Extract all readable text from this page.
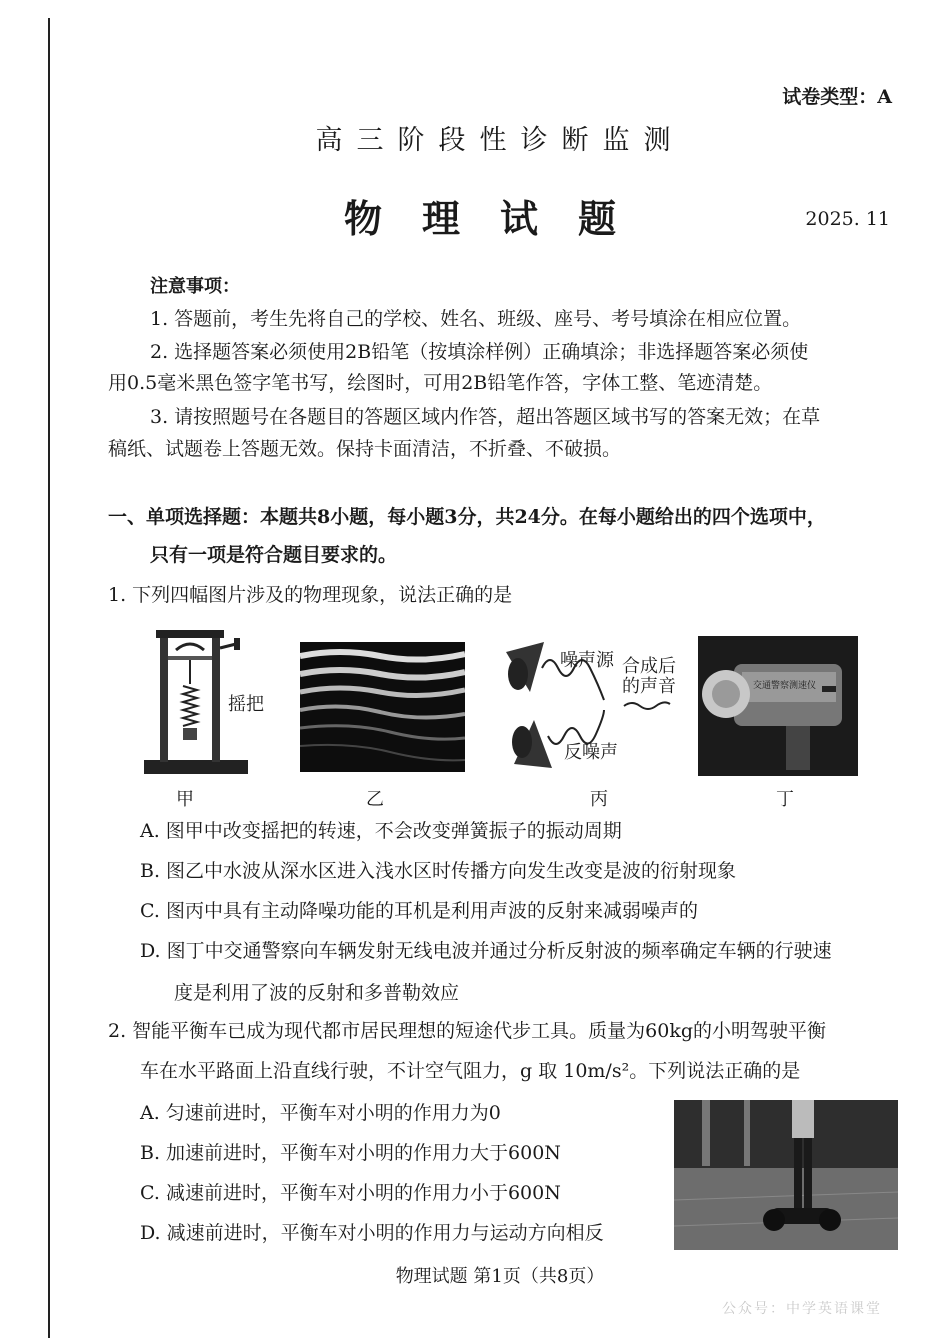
试卷类型：A
高三阶段性诊断监测
物理试题	2025. 11
注意事项：
1. 答题前，考生先将自己的学校、姓名、班级、座号、考号填涂在相应位置。
2. 选择题答案必须使用2B铅笔（按填涂样例）正确填涂；非选择题答案必须使
用0.5毫米黑色签字笔书写，绘图时，可用2B铅笔作答，字体工整、笔迹清楚。
3. 请按照题号在各题目的答题区域内作答，超出答题区域书写的答案无效；在草
稿纸、试题卷上答题无效。保持卡面清洁，不折叠、不破损。
一、单项选择题：本题共8小题，每小题3分，共24分。在每小题给出的四个选项中，
只有一项是符合题目要求的。
1. 下列四幅图片涉及的物理现象，说法正确的是
摇把
甲	乙
噪声源 合成后
的声音
反噪声
丙
交通警察测速仪
丁
A. 图甲中改变摇把的转速，不会改变弹簧振子的振动周期
B. 图乙中水波从深水区进入浅水区时传播方向发生改变是波的衍射现象
C. 图丙中具有主动降噪功能的耳机是利用声波的反射来减弱噪声的
D. 图丁中交通警察向车辆发射无线电波并通过分析反射波的频率确定车辆的行驶速
度是利用了波的反射和多普勒效应
2. 智能平衡车已成为现代都市居民理想的短途代步工具。质量为60kg的小明驾驶平衡
车在水平路面上沿直线行驶，不计空气阻力，g 取 10m/s²。下列说法正确的是
A. 匀速前进时，平衡车对小明的作用力为0
B. 加速前进时，平衡车对小明的作用力大于600N
C. 减速前进时，平衡车对小明的作用力小于600N
D. 减速前进时，平衡车对小明的作用力与运动方向相反
物理试题 第1页（共8页）
公众号：中学英语课堂
